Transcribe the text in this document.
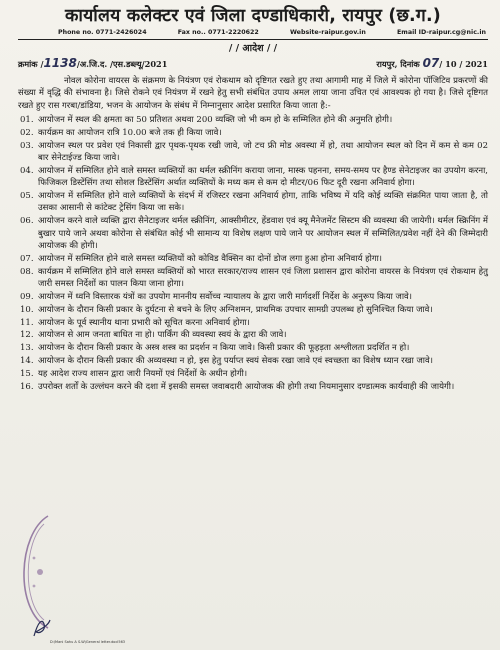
कार्यालय कलेक्टर एवं जिला दण्डाधिकारी, रायपुर (छ.ग.)
Phone no. 0771-2426024	Fax no.. 0771-2220622	Website-raipur.gov.in	Email ID-raipur.cg@nic.in
/ / आदेश / /
क्रमांक /1138/अ.जि.द. /एस.डब्ल्यू/2021	रायपुर, दिनांक 07/ 10 / 2021

नोवल कोरोना वायरस के संक्रमण के नियंत्रण एवं रोकथाम को दृष्टिगत रखते हुए तथा आगामी माह में जिले में कोरोना पॉजिटिव प्रकरणों की संख्या में वृद्धि की संभावना है। जिसे रोकने एवं नियंत्रण में रखने हेतु सभी संबंधित उपाय अमल लाया जाना उचित एवं आवश्यक हो गया है। जिसे दृष्टिगत रखते हुए रास गरबा/डांडिया, भजन के आयोजन के संबंध में निम्नानुसार आदेश प्रसारित किया जाता है:-

01. आयोजन में स्थल की क्षमता का 50 प्रतिशत अथवा 200 व्यक्ति जो भी कम हो के सम्मिलित होने की अनुमति होगी।
02. कार्यक्रम का आयोजन रात्रि 10.00 बजे तक ही किया जावे।
03. आयोजन स्थल पर प्रवेश एवं निकासी द्वार पृथक-पृथक रखी जावे, जो टच फ्री मोड अवस्था में हो, तथा आयोजन स्थल को दिन में कम से कम 02 बार सेनेटाईज्ड किया जावे।
04. आयोजन में सम्मिलित होने वाले समस्त व्यक्तियों का थर्मल स्क्रीनिंग कराया जाना, मास्क पहनना, समय-समय पर हैण्ड सेनेटाइजर का उपयोग करना, फिजिकल डिस्टेंसिंग तथा सोशल डिस्टेंसिंग अर्थात व्यक्तियों के मध्य कम से कम दो मीटर/06 फिट दूरी रखना अनिवार्य होगा।
05. आयोजन में सम्मिलित होने वाले व्यक्तियों के संदर्भ में रजिस्टर रखना अनिवार्य होगा, ताकि भविष्य में यदि कोई व्यक्ति संक्रमित पाया जाता है, तो उसका आसानी से कांटेक्ट ट्रेसिंग किया जा सके।
06. आयोजन करने वाले व्यक्ति द्वारा सैनेटाइजर थर्मल स्क्रीनिंग, आक्सीमीटर, हेंडवाश एवं क्यू मैनेजमेंट सिस्टम की व्यवस्था की जायेगी। थर्मल स्क्रिनिंग में बुखार पाये जाने अथवा कोरोना से संबंधित कोई भी सामान्य या विशेष लक्षण पाये जाने पर आयोजन स्थल में सम्मिलित/प्रवेश नहीं देने की जिम्मेदारी आयोजक की होगी।
07. आयोजन में सम्मिलित होने वाले समस्त व्यक्तियों को कोविड वैक्सिन का दोनों डोज लगा हुआ होना अनिवार्य होगा।
08. कार्यक्रम में सम्मिलित होने वाले समस्त व्यक्तियों को भारत सरकार/राज्य शासन एवं जिला प्रशासन द्वारा कोरोना वायरस के नियंत्रण एवं रोकथाम हेतु जारी समस्त निर्देशों का पालन किया जाना होगा।
09. आयोजन में ध्वनि विस्तारक यंत्रों का उपयोग माननीय सर्वोच्च न्यायालय के द्वारा जारी मार्गदर्शी निर्देश के अनुरूप किया जावे।
10. आयोजन के दौरान किसी प्रकार के दुर्घटना से बचने के लिए अग्निशमन, प्राथमिक उपचार सामग्री उपलब्ध हो सुनिश्चित किया जावे।
11. आयोजन के पूर्व स्थानीय थाना प्रभारी को सूचित करना अनिवार्य होगा।
12. आयोजन से आम जनता बाधित ना हो। पार्किंग की व्यवस्था स्वयं के द्वारा की जावे।
13. आयोजन के दौरान किसी प्रकार के अस्त्र शस्त्र का प्रदर्शन न किया जावे। किसी प्रकार की फूहड़ता अश्लीलता प्रदर्शित न हो।
14. आयोजन के दौरान किसी प्रकार की अव्यवस्था न हो, इस हेतु पर्याप्त स्वयं सेवक रखा जावे एवं स्वच्छता का विशेष ध्यान रखा जावे।
15. यह आदेश राज्य शासन द्वारा जारी नियमों एवं निर्देशों के अधीन होगी।
16. उपरोक्त शर्तों के उल्लंघन करने की दशा में इसकी समस्त जवाबदारी आयोजक की होगी तथा नियमानुसार दण्डात्मक कार्यवाही की जायेगी।
D:\Mani Sahu A S-W\General letter.docl563
